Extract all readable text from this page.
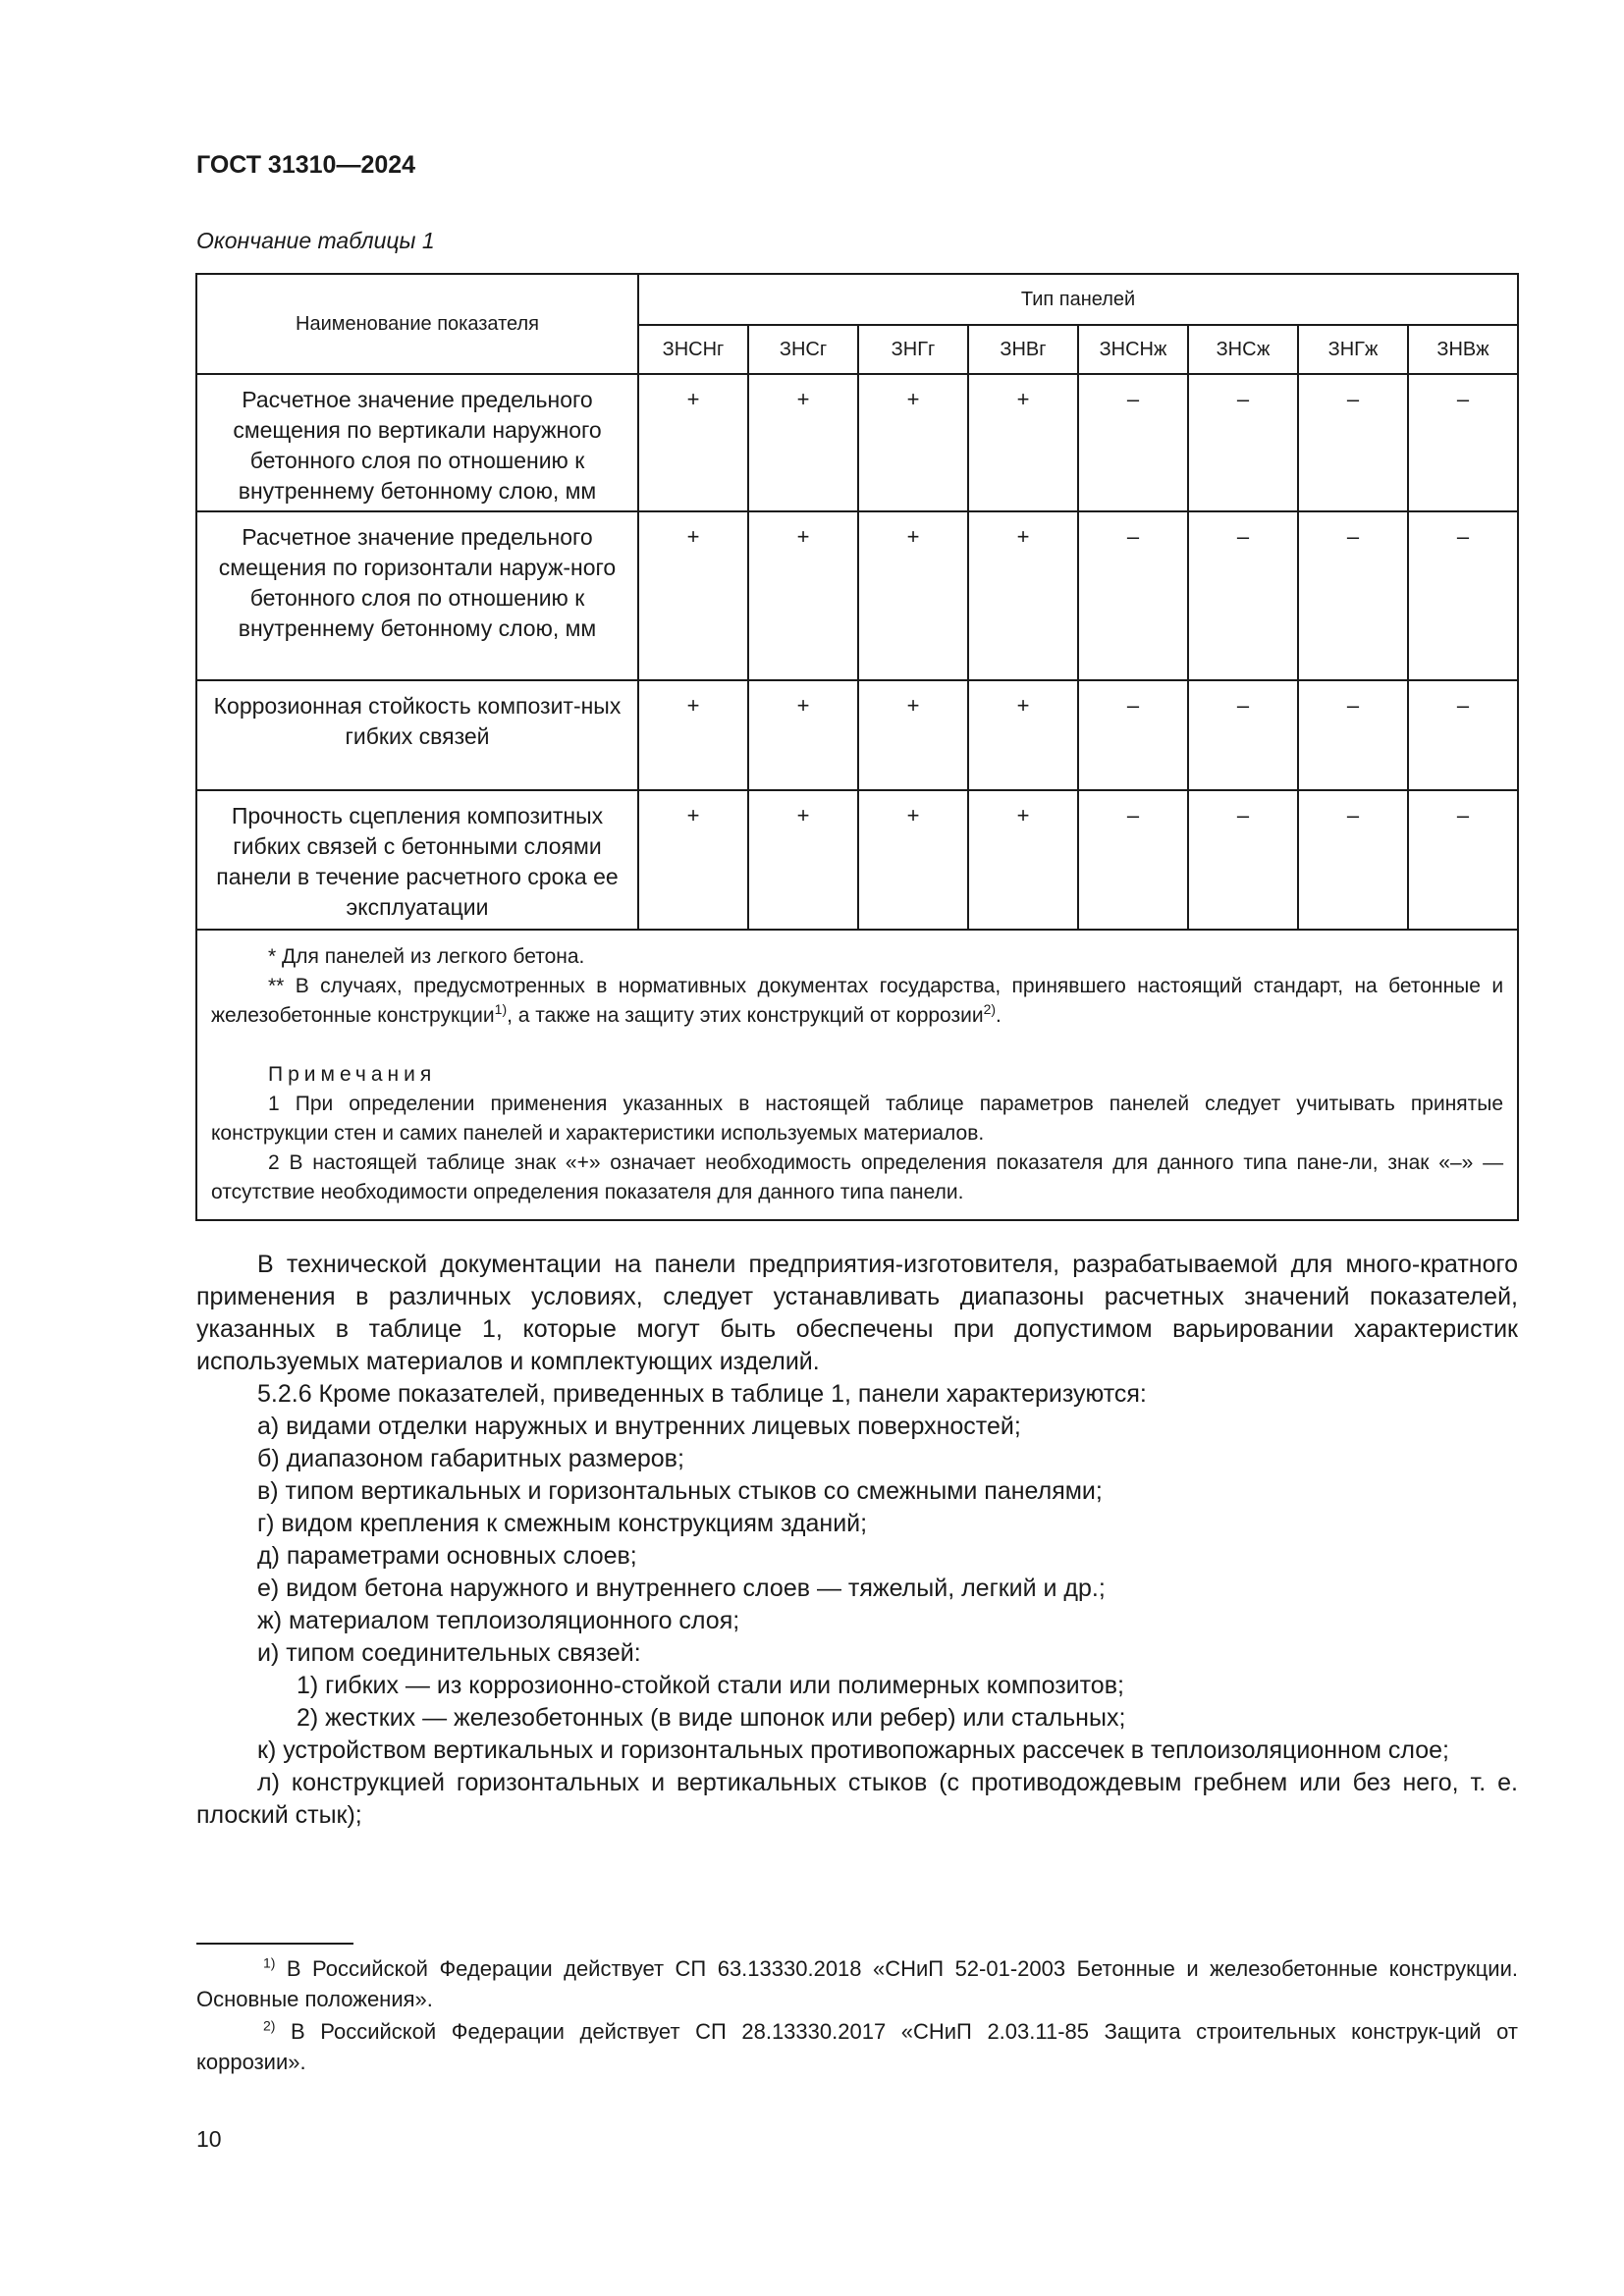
ГОСТ 31310—2024
Окончание таблицы 1
Наименование показателя	Тип панелей							
	ЗНСНг	ЗНСг	ЗНГг	ЗНВг	ЗНСНж	ЗНСж	ЗНГж	ЗНВж
Расчетное значение предельного смещения по вертикали наружного бетонного слоя по отношению к внутреннему бетонному слою, мм	+	+	+	+	–	–	–	–
Расчетное значение предельного смещения по горизонтали наруж-ного бетонного слоя по отношению к внутреннему бетонному слою, мм	+	+	+	+	–	–	–	–
Коррозионная стойкость композит-ных гибких связей	+	+	+	+	–	–	–	–
Прочность сцепления композитных гибких связей с бетонными слоями панели в течение расчетного срока ее эксплуатации	+	+	+	+	–	–	–	–

* Для панелей из легкого бетона.

** В случаях, предусмотренных в нормативных документах государства, принявшего настоящий стандарт, на бетонные и железобетонные конструкции$^{1)}$, а также на защиту этих конструкций от коррозии$^{2)}$.

Примечания

1 При определении применения указанных в настоящей таблице параметров панелей следует учитывать принятые конструкции стен и самих панелей и характеристики используемых материалов.

2 В настоящей таблице знак «+» означает необходимость определения показателя для данного типа пане-ли, знак «–» — отсутствие необходимости определения показателя для данного типа панели.								

В технической документации на панели предприятия-изготовителя, разрабатываемой для много-кратного применения в различных условиях, следует устанавливать диапазоны расчетных значений показателей, указанных в таблице 1, которые могут быть обеспечены при допустимом варьировании характеристик используемых материалов и комплектующих изделий.

5.2.6 Кроме показателей, приведенных в таблице 1, панели характеризуются:

а) видами отделки наружных и внутренних лицевых поверхностей;

б) диапазоном габаритных размеров;

в) типом вертикальных и горизонтальных стыков со смежными панелями;

г) видом крепления к смежным конструкциям зданий;

д) параметрами основных слоев;

е) видом бетона наружного и внутреннего слоев — тяжелый, легкий и др.;

ж) материалом теплоизоляционного слоя;

и) типом соединительных связей:

1) гибких — из коррозионно-стойкой стали или полимерных композитов;

2) жестких — железобетонных (в виде шпонок или ребер) или стальных;

к) устройством вертикальных и горизонтальных противопожарных рассечек в теплоизоляционном слое;

л) конструкцией горизонтальных и вертикальных стыков (с противодождевым гребнем или без него, т. е. плоский стык);

$^{1)}$ В Российской Федерации действует СП 63.13330.2018 «СНиП 52-01-2003 Бетонные и железобетонные конструкции. Основные положения».

$^{2)}$ В Российской Федерации действует СП 28.13330.2017 «СНиП 2.03.11-85 Защита строительных конструк-ций от коррозии».

10
